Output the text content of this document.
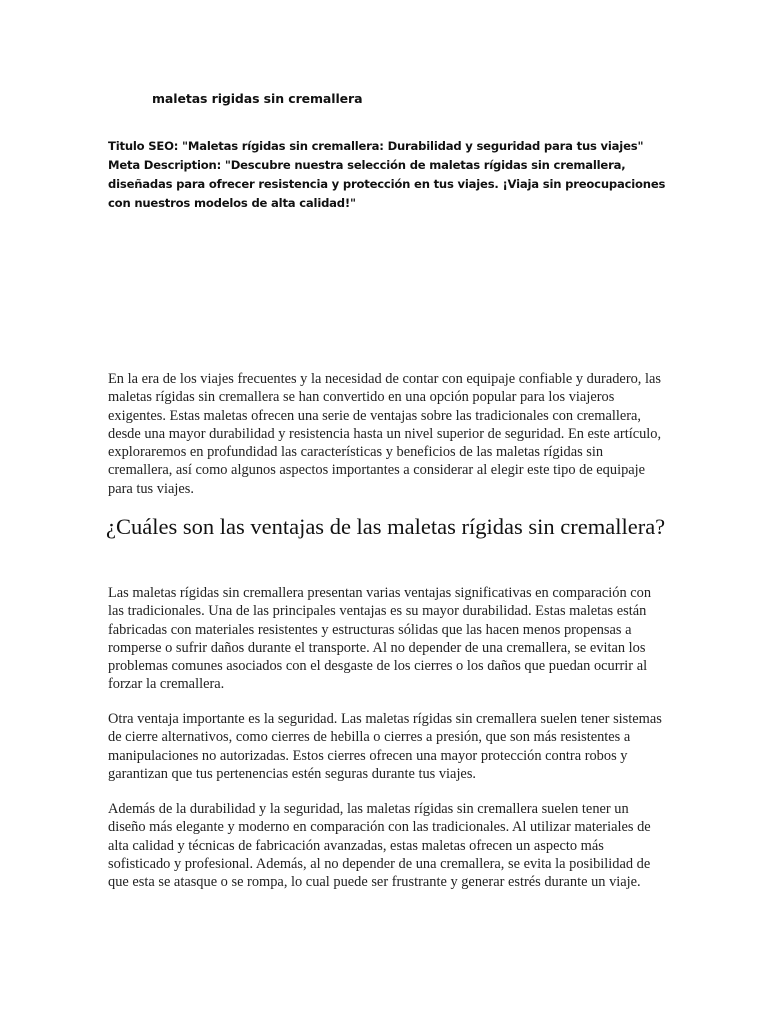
maletas rigidas sin cremallera
Titulo SEO: "Maletas rígidas sin cremallera: Durabilidad y seguridad para tus viajes" Meta Description: "Descubre nuestra selección de maletas rígidas sin cremallera, diseñadas para ofrecer resistencia y protección en tus viajes. ¡Viaja sin preocupaciones con nuestros modelos de alta calidad!"

En la era de los viajes frecuentes y la necesidad de contar con equipaje confiable y duradero, las maletas rígidas sin cremallera se han convertido en una opción popular para los viajeros exigentes. Estas maletas ofrecen una serie de ventajas sobre las tradicionales con cremallera, desde una mayor durabilidad y resistencia hasta un nivel superior de seguridad. En este artículo, exploraremos en profundidad las características y beneficios de las maletas rígidas sin cremallera, así como algunos aspectos importantes a considerar al elegir este tipo de equipaje para tus viajes.

¿Cuáles son las ventajas de las maletas rígidas sin cremallera?

Las maletas rígidas sin cremallera presentan varias ventajas significativas en comparación con las tradicionales. Una de las principales ventajas es su mayor durabilidad. Estas maletas están fabricadas con materiales resistentes y estructuras sólidas que las hacen menos propensas a romperse o sufrir daños durante el transporte. Al no depender de una cremallera, se evitan los problemas comunes asociados con el desgaste de los cierres o los daños que puedan ocurrir al forzar la cremallera.

Otra ventaja importante es la seguridad. Las maletas rígidas sin cremallera suelen tener sistemas de cierre alternativos, como cierres de hebilla o cierres a presión, que son más resistentes a manipulaciones no autorizadas. Estos cierres ofrecen una mayor protección contra robos y garantizan que tus pertenencias estén seguras durante tus viajes.

Además de la durabilidad y la seguridad, las maletas rígidas sin cremallera suelen tener un diseño más elegante y moderno en comparación con las tradicionales. Al utilizar materiales de alta calidad y técnicas de fabricación avanzadas, estas maletas ofrecen un aspecto más sofisticado y profesional. Además, al no depender de una cremallera, se evita la posibilidad de que esta se atasque o se rompa, lo cual puede ser frustrante y generar estrés durante un viaje.
